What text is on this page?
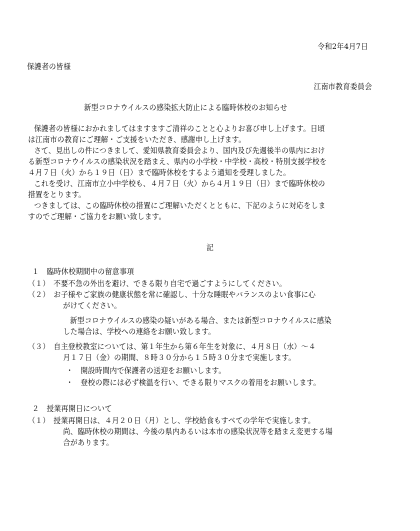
令和2年4月7日
保護者の皆様
江南市教育委員会
新型コロナウイルスの感染拡大防止による臨時休校のお知らせ
保護者の皆様におかれましてはますますご清祥のことと心よりお喜び申し上げます。日頃
は江南市の教育にご理解・ご支援をいただき、感謝申し上げます。
さて、見出しの件につきまして、愛知県教育委員会より、国内及び先週後半の県内におけ
る新型コロナウイルスの感染状況を踏まえ、県内の小学校・中学校・高校・特別支援学校を
４月７日（火）から１９日（日）まで臨時休校をするよう通知を受理しました。
これを受け、江南市立小中学校も、４月７日（火）から４月１９日（日）まで臨時休校の
措置をとります。
つきましては、この臨時休校の措置にご理解いただくとともに、下記のように対応をしま
すのでご理解・ご協力をお願い致します。
記
１　臨時休校期間中の留意事項
（１）　不要不急の外出を避け、できる限り自宅で過ごすようにしてください。
（２）　お子様やご家族の健康状態を常に確認し、十分な睡眠やバランスのよい食事に心
がけてください。
新型コロナウイルスの感染の疑いがある場合、または新型コロナウイルスに感染
した場合は、学校への連絡をお願い致します。
（３）　自主登校教室については、第１年生から第６年生を対象に、４月８日（水）～４
月１７日（金）の期間、８時３０分から１５時３０分まで実施します。
・　開設時間内で保護者の送迎をお願いします。
・　登校の際には必ず検温を行い、できる限りマスクの着用をお願いします。
２　授業再開日について
（１）　授業再開日は、４月２０日（月）とし、学校給食もすべての学年で実施します。
尚、臨時休校の期間は、今後の県内あるいは本市の感染状況等を踏まえ変更する場
合があります。
